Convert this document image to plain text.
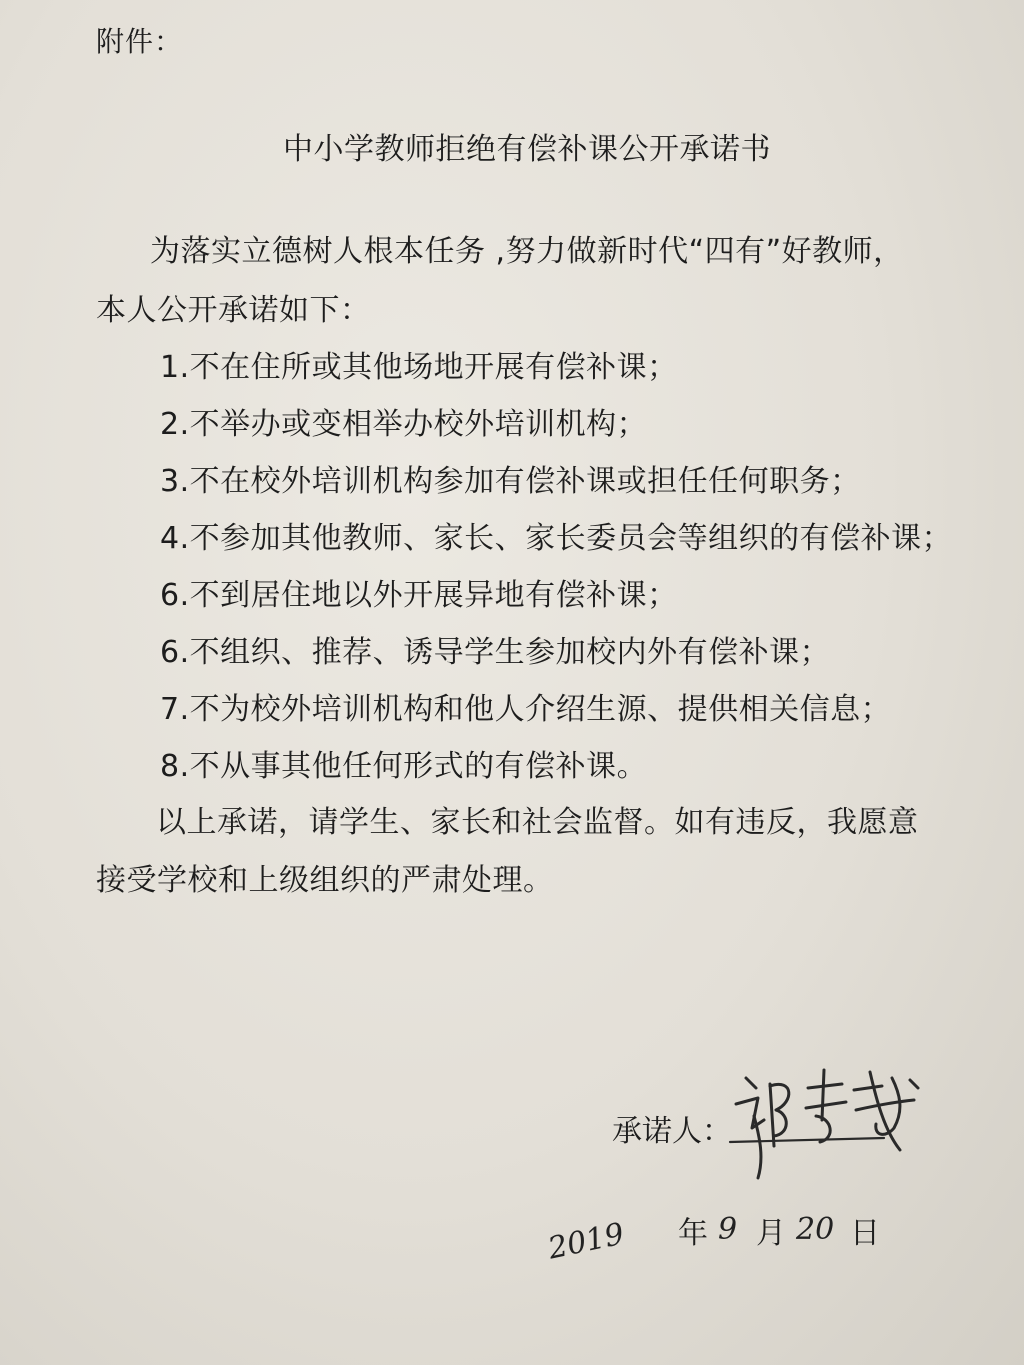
附件：
中小学教师拒绝有偿补课公开承诺书
为落实立德树人根本任务 ,努力做新时代“四有”好教师，
本人公开承诺如下：
1.不在住所或其他场地开展有偿补课；
2.不举办或变相举办校外培训机构；
3.不在校外培训机构参加有偿补课或担任任何职务；
4.不参加其他教师、家长、家长委员会等组织的有偿补课；
6.不到居住地以外开展异地有偿补课；
6.不组织、推荐、诱导学生参加校内外有偿补课；
7.不为校外培训机构和他人介绍生源、提供相关信息；
8.不从事其他任何形式的有偿补课。
以上承诺，请学生、家长和社会监督。如有违反，我愿意
接受学校和上级组织的严肃处理。
承诺人：
2019 年 9 月 20 日
